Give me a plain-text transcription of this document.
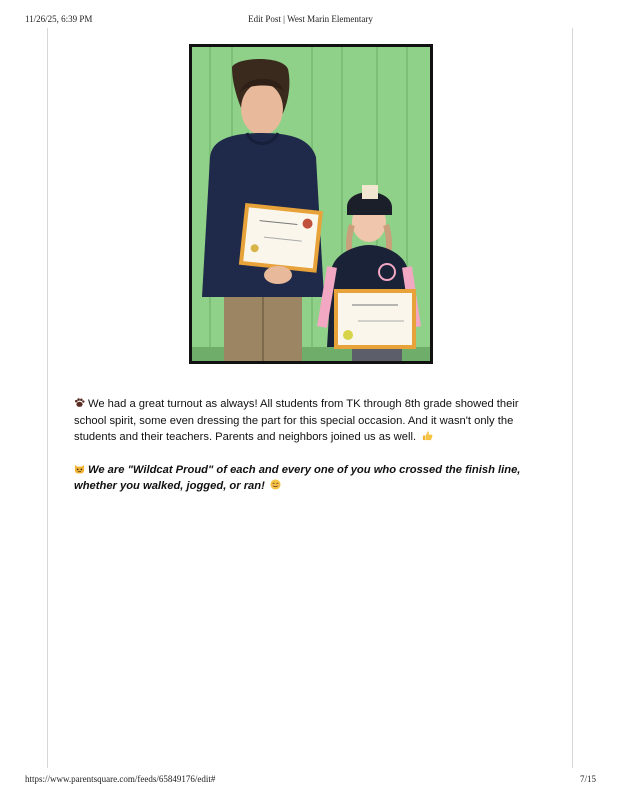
11/26/25, 6:39 PM	Edit Post | West Marin Elementary

We had a great turnout as always! All students from TK through 8th grade showed their school spirit, some even dressing the part for this special occasion. And it wasn't only the students and their teachers. Parents and neighbors joined us as well.

We are "Wildcat Proud" of each and every one of you who crossed the finish line, whether you walked, jogged, or ran!

https://www.parentsquare.com/feeds/65849176/edit#	7/15
